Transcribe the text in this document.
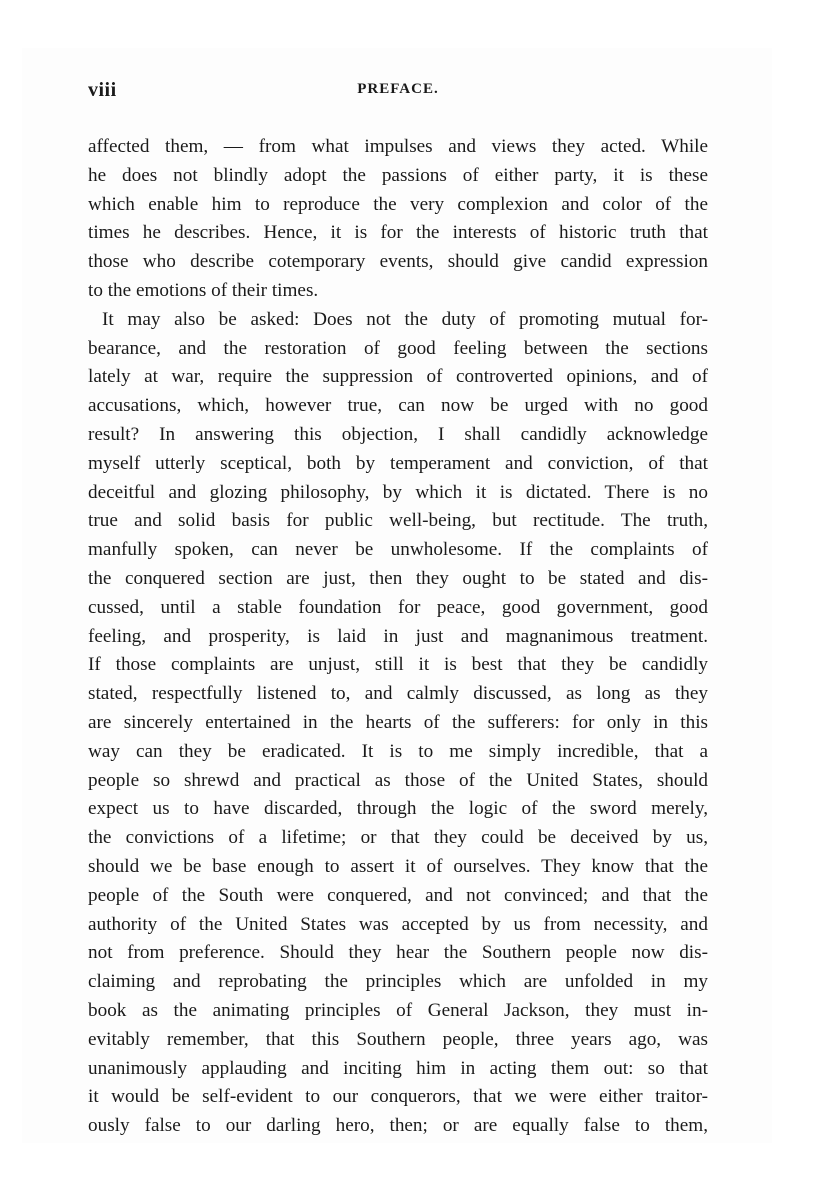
viii	PREFACE.
affected them, — from what impulses and views they acted. While
he does not blindly adopt the passions of either party, it is these
which enable him to reproduce the very complexion and color of the
times he describes. Hence, it is for the interests of historic truth that
those who describe cotemporary events, should give candid expression
to the emotions of their times.
It may also be asked: Does not the duty of promoting mutual for-
bearance, and the restoration of good feeling between the sections
lately at war, require the suppression of controverted opinions, and of
accusations, which, however true, can now be urged with no good
result? In answering this objection, I shall candidly acknowledge
myself utterly sceptical, both by temperament and conviction, of that
deceitful and glozing philosophy, by which it is dictated. There is no
true and solid basis for public well-being, but rectitude. The truth,
manfully spoken, can never be unwholesome. If the complaints of
the conquered section are just, then they ought to be stated and dis-
cussed, until a stable foundation for peace, good government, good
feeling, and prosperity, is laid in just and magnanimous treatment.
If those complaints are unjust, still it is best that they be candidly
stated, respectfully listened to, and calmly discussed, as long as they
are sincerely entertained in the hearts of the sufferers: for only in this
way can they be eradicated. It is to me simply incredible, that a
people so shrewd and practical as those of the United States, should
expect us to have discarded, through the logic of the sword merely,
the convictions of a lifetime; or that they could be deceived by us,
should we be base enough to assert it of ourselves. They know that the
people of the South were conquered, and not convinced; and that the
authority of the United States was accepted by us from necessity, and
not from preference. Should they hear the Southern people now dis-
claiming and reprobating the principles which are unfolded in my
book as the animating principles of General Jackson, they must in-
evitably remember, that this Southern people, three years ago, was
unanimously applauding and inciting him in acting them out: so that
it would be self-evident to our conquerors, that we were either traitor-
ously false to our darling hero, then; or are equally false to them,
